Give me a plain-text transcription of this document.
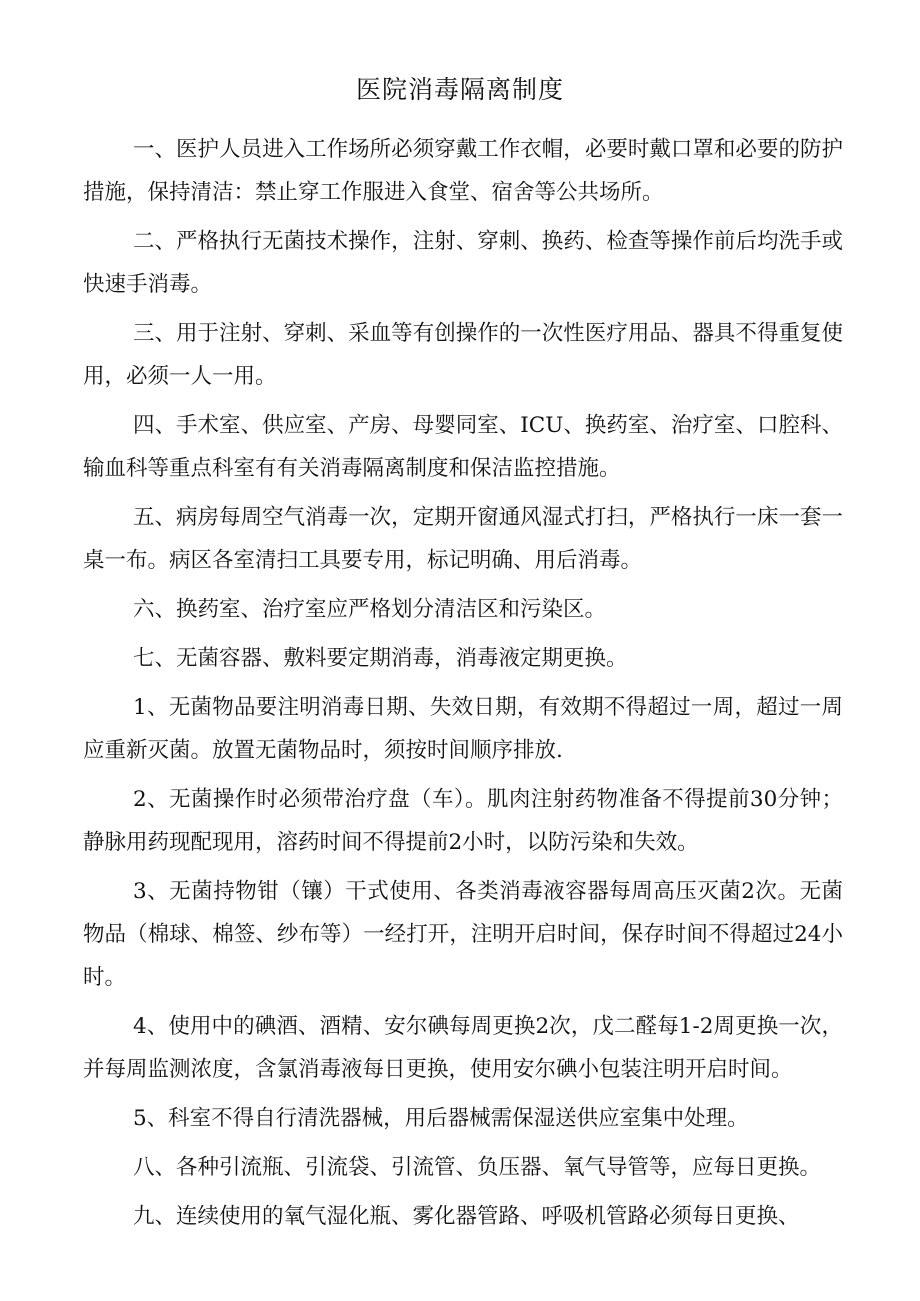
医院消毒隔离制度

一、医护人员进入工作场所必须穿戴工作衣帽，必要时戴口罩和必要的防护措施，保持清洁：禁止穿工作服进入食堂、宿舍等公共场所。

二、严格执行无菌技术操作，注射、穿刺、换药、检查等操作前后均洗手或快速手消毒。

三、用于注射、穿刺、采血等有创操作的一次性医疗用品、器具不得重复使用，必须一人一用。

四、手术室、供应室、产房、母婴同室、ICU、换药室、治疗室、口腔科、输血科等重点科室有有关消毒隔离制度和保洁监控措施。

五、病房每周空气消毒一次，定期开窗通风湿式打扫，严格执行一床一套一桌一布。病区各室清扫工具要专用，标记明确、用后消毒。

六、换药室、治疗室应严格划分清洁区和污染区。

七、无菌容器、敷料要定期消毒，消毒液定期更换。

1、无菌物品要注明消毒日期、失效日期，有效期不得超过一周，超过一周应重新灭菌。放置无菌物品时，须按时间顺序排放.

2、无菌操作时必须带治疗盘（车）。肌肉注射药物准备不得提前30分钟；静脉用药现配现用，溶药时间不得提前2小时，以防污染和失效。

3、无菌持物钳（镶）干式使用、各类消毒液容器每周高压灭菌2次。无菌物品（棉球、棉签、纱布等）一经打开，注明开启时间，保存时间不得超过24小时。

4、使用中的碘酒、酒精、安尔碘每周更换2次，戊二醛每1-2周更换一次，并每周监测浓度，含氯消毒液每日更换，使用安尔碘小包装注明开启时间。

5、科室不得自行清洗器械，用后器械需保湿送供应室集中处理。

八、各种引流瓶、引流袋、引流管、负压器、氧气导管等，应每日更换。

九、连续使用的氧气湿化瓶、雾化器管路、呼吸机管路必须每日更换、
